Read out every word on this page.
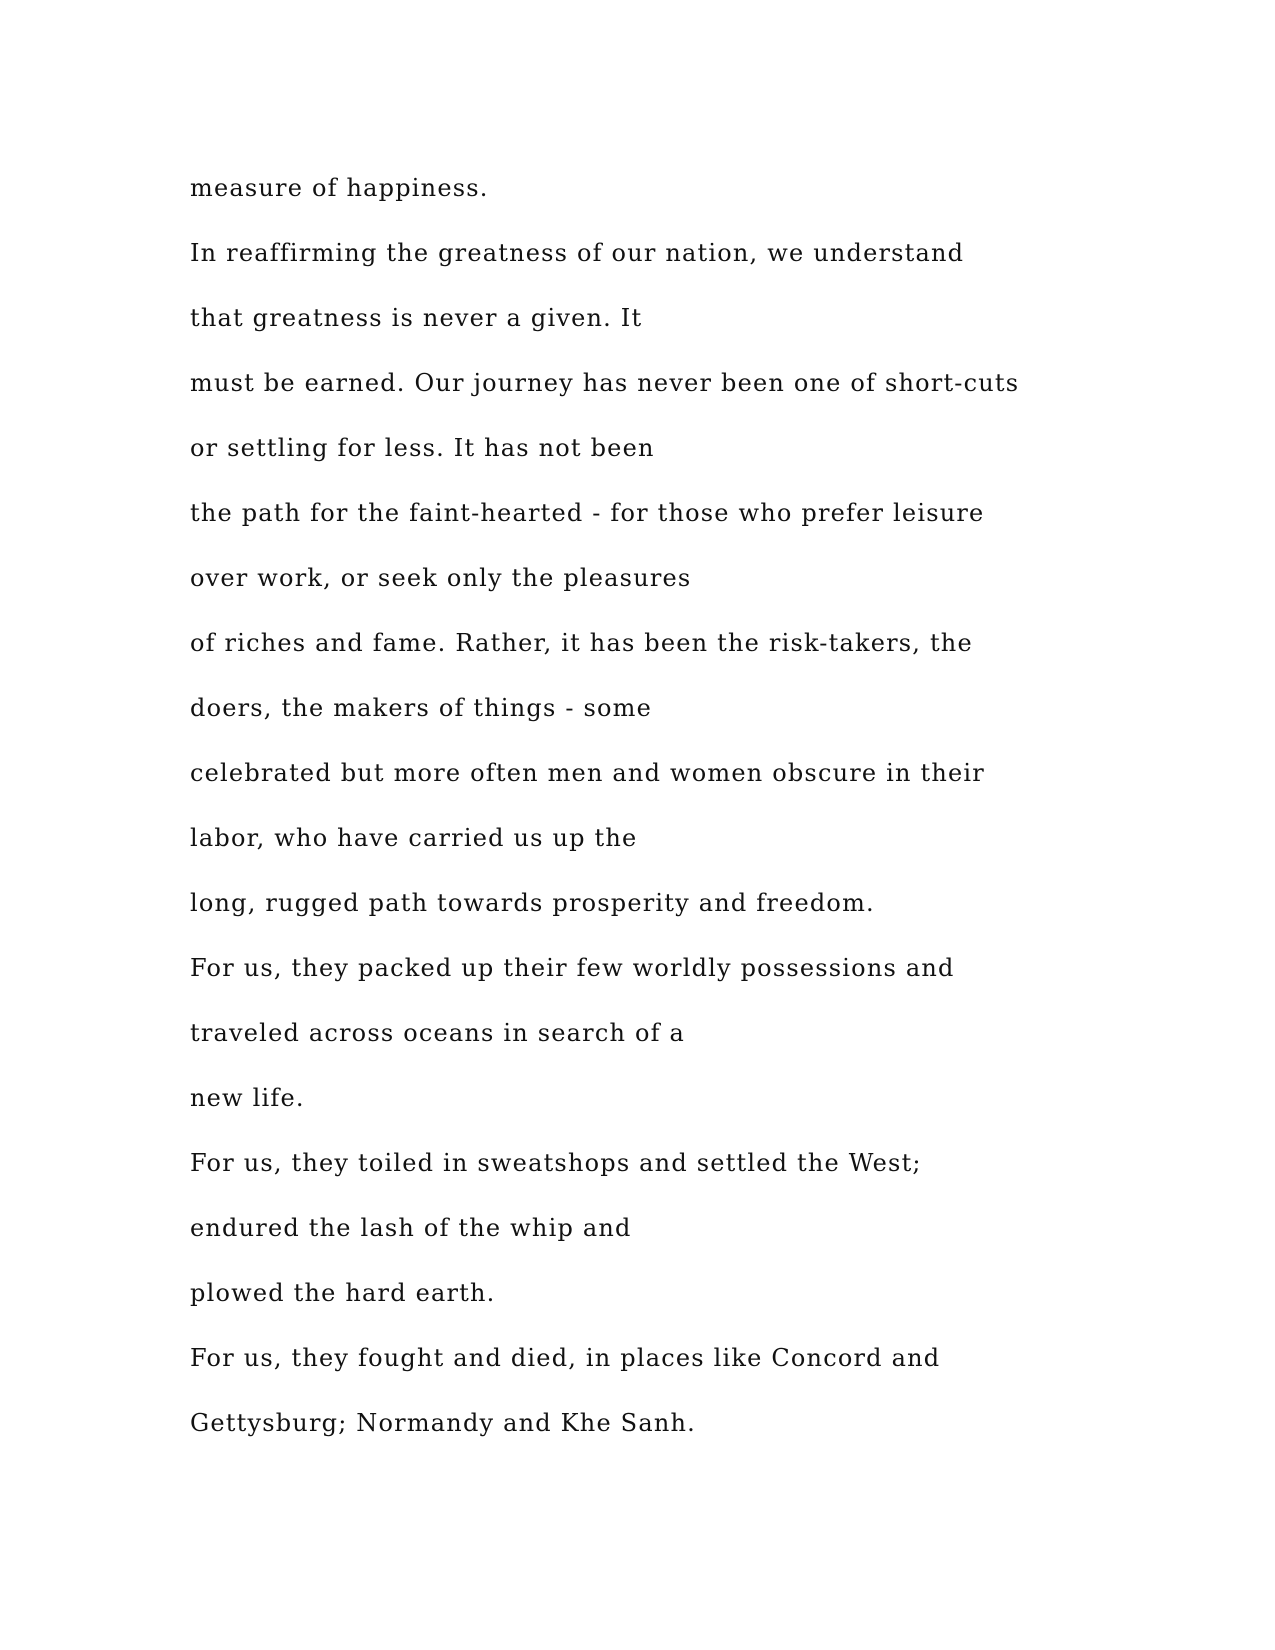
measure of happiness.
In reaffirming the greatness of our nation, we understand
that greatness is never a given. It
must be earned. Our journey has never been one of short-cuts
or settling for less. It has not been
the path for the faint-hearted - for those who prefer leisure
over work, or seek only the pleasures
of riches and fame. Rather, it has been the risk-takers, the
doers, the makers of things - some
celebrated but more often men and women obscure in their
labor, who have carried us up the
long, rugged path towards prosperity and freedom.
For us, they packed up their few worldly possessions and
traveled across oceans in search of a
new life.
For us, they toiled in sweatshops and settled the West;
endured the lash of the whip and
plowed the hard earth.
For us, they fought and died, in places like Concord and
Gettysburg; Normandy and Khe Sanh.
